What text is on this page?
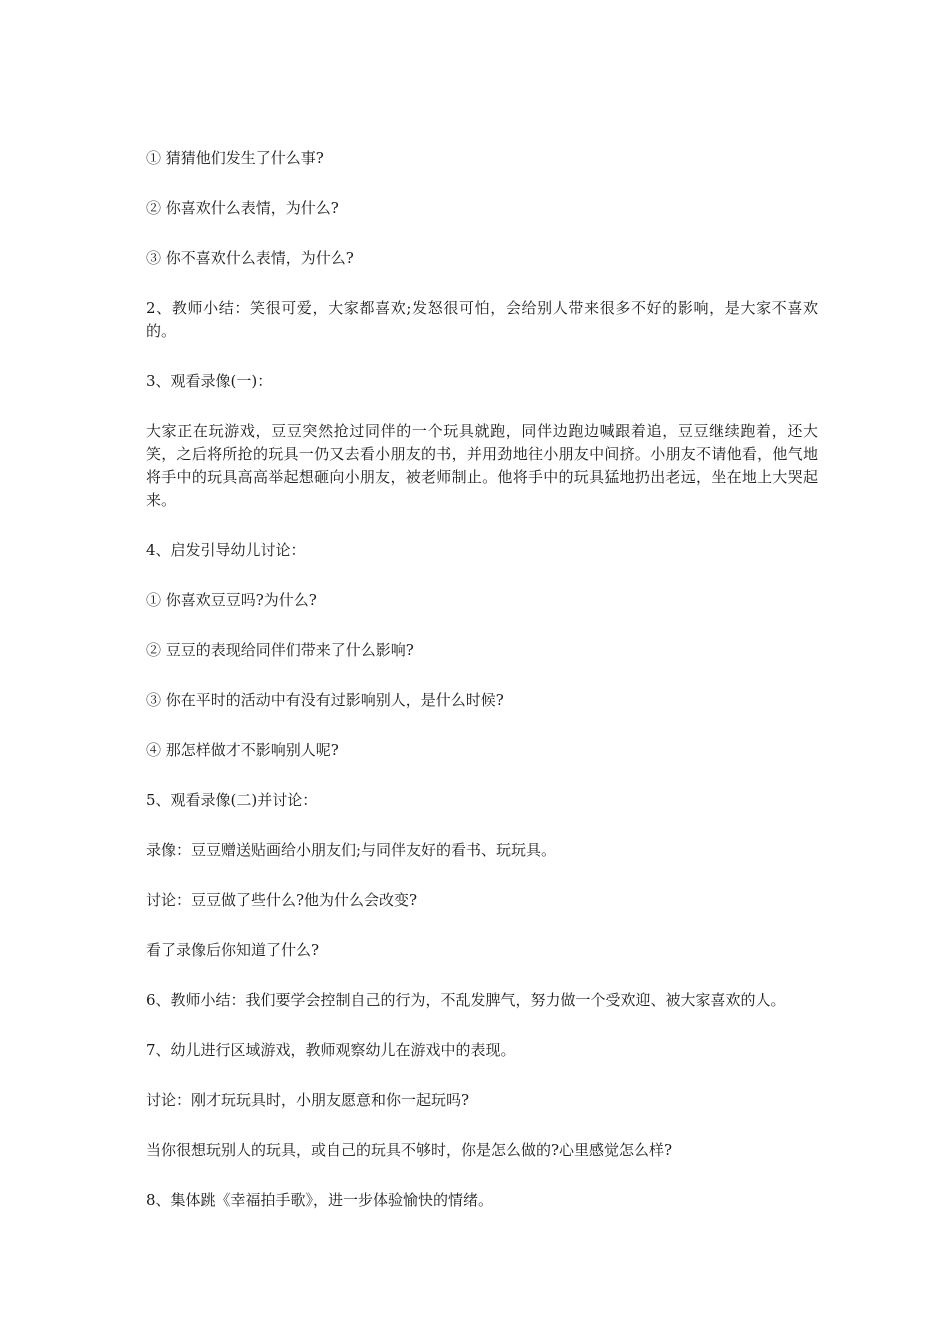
① 猜猜他们发生了什么事?

② 你喜欢什么表情，为什么?

③ 你不喜欢什么表情，为什么?

2、教师小结：笑很可爱，大家都喜欢;发怒很可怕，会给别人带来很多不好的影响，是大家不喜欢的。

3、观看录像(一)：

大家正在玩游戏，豆豆突然抢过同伴的一个玩具就跑，同伴边跑边喊跟着追，豆豆继续跑着，还大笑，之后将所抢的玩具一仍又去看小朋友的书，并用劲地往小朋友中间挤。小朋友不请他看，他气地将手中的玩具高高举起想砸向小朋友，被老师制止。他将手中的玩具猛地扔出老远，坐在地上大哭起来。

4、启发引导幼儿讨论：

① 你喜欢豆豆吗?为什么?

② 豆豆的表现给同伴们带来了什么影响?

③ 你在平时的活动中有没有过影响别人，是什么时候?

④ 那怎样做才不影响别人呢?

5、观看录像(二)并讨论：

录像：豆豆赠送贴画给小朋友们;与同伴友好的看书、玩玩具。

讨论：豆豆做了些什么?他为什么会改变?

看了录像后你知道了什么?

6、教师小结：我们要学会控制自己的行为，不乱发脾气，努力做一个受欢迎、被大家喜欢的人。

7、幼儿进行区域游戏，教师观察幼儿在游戏中的表现。

讨论：刚才玩玩具时，小朋友愿意和你一起玩吗?

当你很想玩别人的玩具，或自己的玩具不够时，你是怎么做的?心里感觉怎么样?

8、集体跳《幸福拍手歌》，进一步体验愉快的情绪。
